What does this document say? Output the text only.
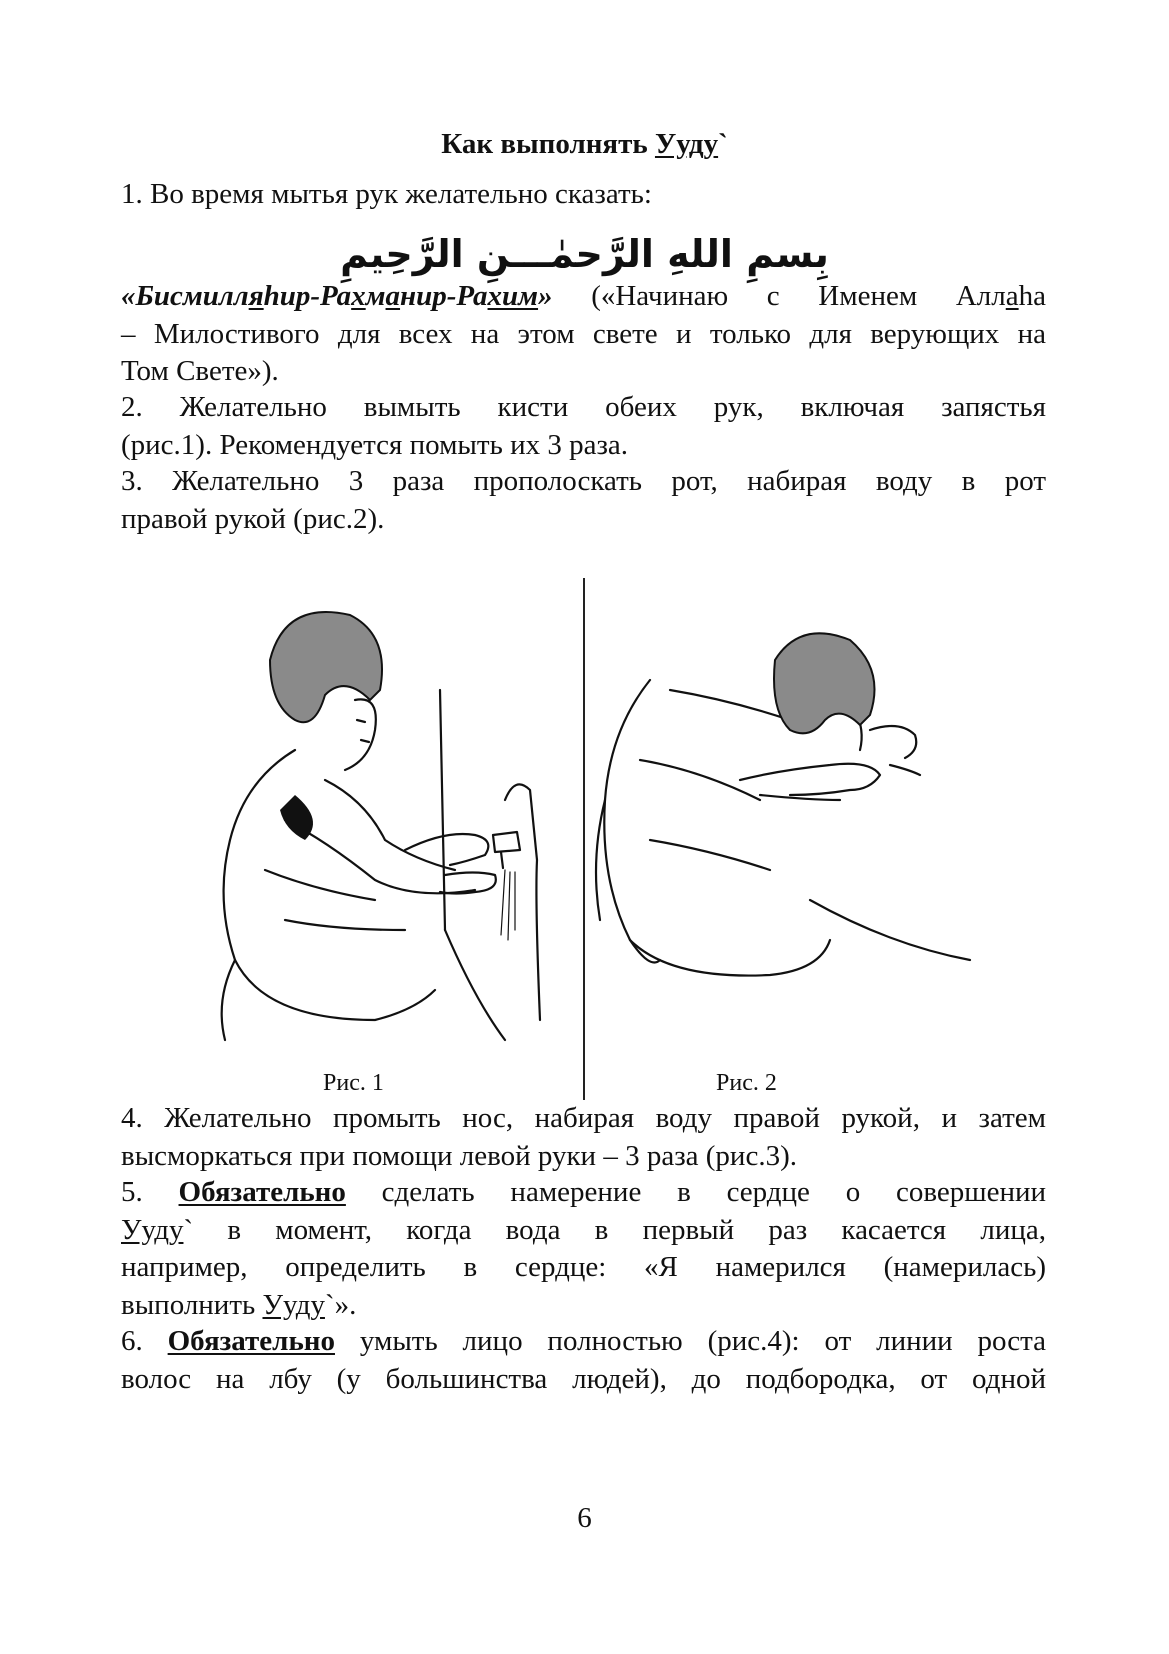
Как выполнять Ууду`
1. Во время мытья рук желательно сказать:
بِسمِ اللهِ الرَّحمٰـــنِ الرَّحِيمِ
«Бисмилляhир-Рахманир-Рахим» («Начинаю с Именем Аллаhа
– Милостивого для всех на этом свете и только для верующих на
Том Свете»).
2. Желательно вымыть кисти обеих рук, включая запястья
(рис.1). Рекомендуется помыть их 3 раза.
3. Желательно 3 раза прополоскать рот, набирая воду в рот
правой рукой (рис.2).
Рис. 1	Рис. 2
4. Желательно промыть нос, набирая воду правой рукой, и затем
высморкаться при помощи левой руки – 3 раза (рис.3).
5. Обязательно сделать намерение в сердце о совершении
Ууду` в момент, когда вода в первый раз касается лица,
например, определить в сердце: «Я намерился (намерилась)
выполнить Ууду`».
6. Обязательно умыть лицо полностью (рис.4): от линии роста
волос на лбу (у большинства людей), до подбородка, от одной
6
